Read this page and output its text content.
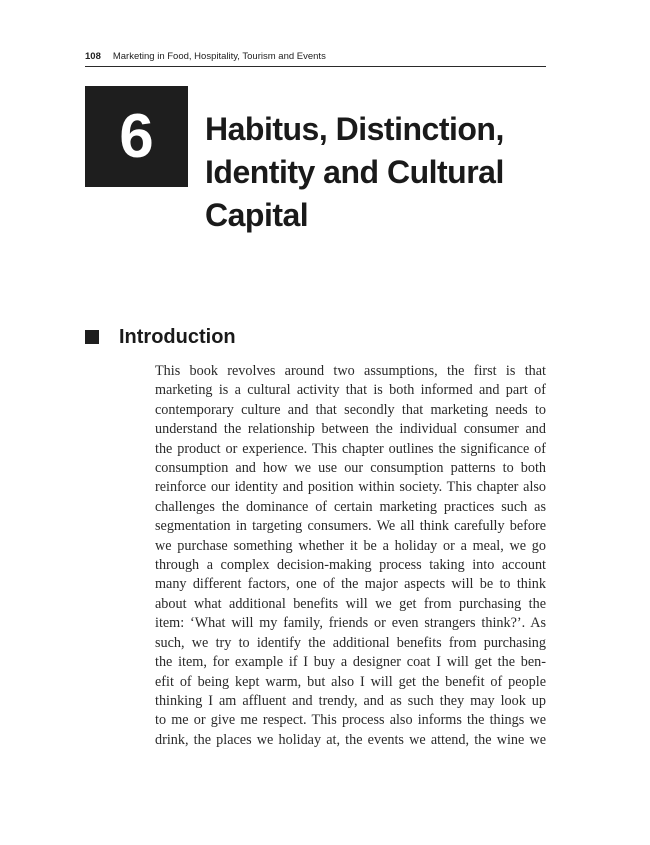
108 Marketing in Food, Hospitality, Tourism and Events
6	Habitus, Distinction,
Identity and Cultural
Capital
Introduction
This book revolves around two assumptions, the first is that
marketing is a cultural activity that is both informed and part of
contemporary culture and that secondly that marketing needs to
understand the relationship between the individual consumer and
the product or experience. This chapter outlines the significance of
consumption and how we use our consumption patterns to both
reinforce our identity and position within society. This chapter also
challenges the dominance of certain marketing practices such as
segmentation in targeting consumers. We all think carefully before
we purchase something whether it be a holiday or a meal, we go
through a complex decision-making process taking into account
many different factors, one of the major aspects will be to think
about what additional benefits will we get from purchasing the
item: ‘What will my family, friends or even strangers think?’. As
such, we try to identify the additional benefits from purchasing
the item, for example if I buy a designer coat I will get the ben-
efit of being kept warm, but also I will get the benefit of people
thinking I am affluent and trendy, and as such they may look up
to me or give me respect. This process also informs the things we
drink, the places we holiday at, the events we attend, the wine we
